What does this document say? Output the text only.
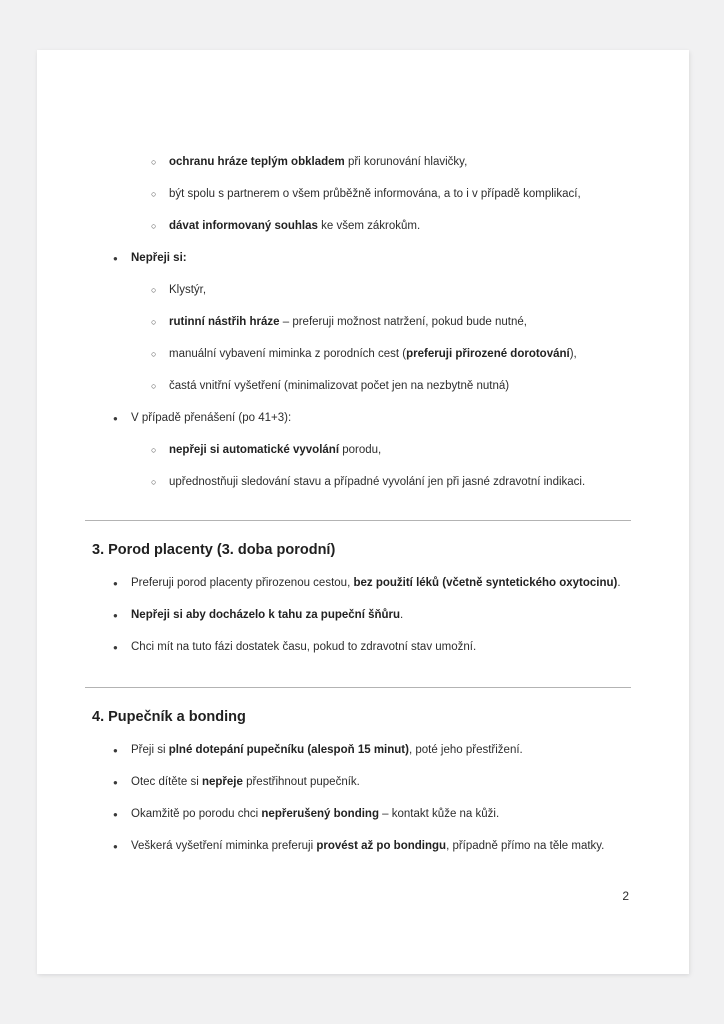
○ ochranu hráze teplým obkladem při korunování hlavičky,
○ být spolu s partnerem o všem průběžně informována, a to i v případě komplikací,
○ dávat informovaný souhlas ke všem zákrokům.
● Nepřeji si:
○ Klystýr,
○ rutinní nástřih hráze – preferuji možnost natržení, pokud bude nutné,
○ manuální vybavení miminka z porodních cest (preferuji přirozené dorotování),
○ častá vnitřní vyšetření (minimalizovat počet jen na nezbytně nutná)
● V případě přenášení (po 41+3):
○ nepřeji si automatické vyvolání porodu,
○ upřednostňuji sledování stavu a případné vyvolání jen při jasné zdravotní indikaci.
3. Porod placenty (3. doba porodní)
● Preferuji porod placenty přirozenou cestou, bez použití léků (včetně syntetického oxytocinu).
● Nepřeji si aby docházelo k tahu za pupeční šňůru.
● Chci mít na tuto fázi dostatek času, pokud to zdravotní stav umožní.
4. Pupečník a bonding
● Přeji si plné dotepání pupečníku (alespoň 15 minut), poté jeho přestřižení.
● Otec dítěte si nepřeje přestřihnout pupečník.
● Okamžitě po porodu chci nepřerušený bonding – kontakt kůže na kůži.
● Veškerá vyšetření miminka preferuji provést až po bondingu, případně přímo na těle matky.
2
